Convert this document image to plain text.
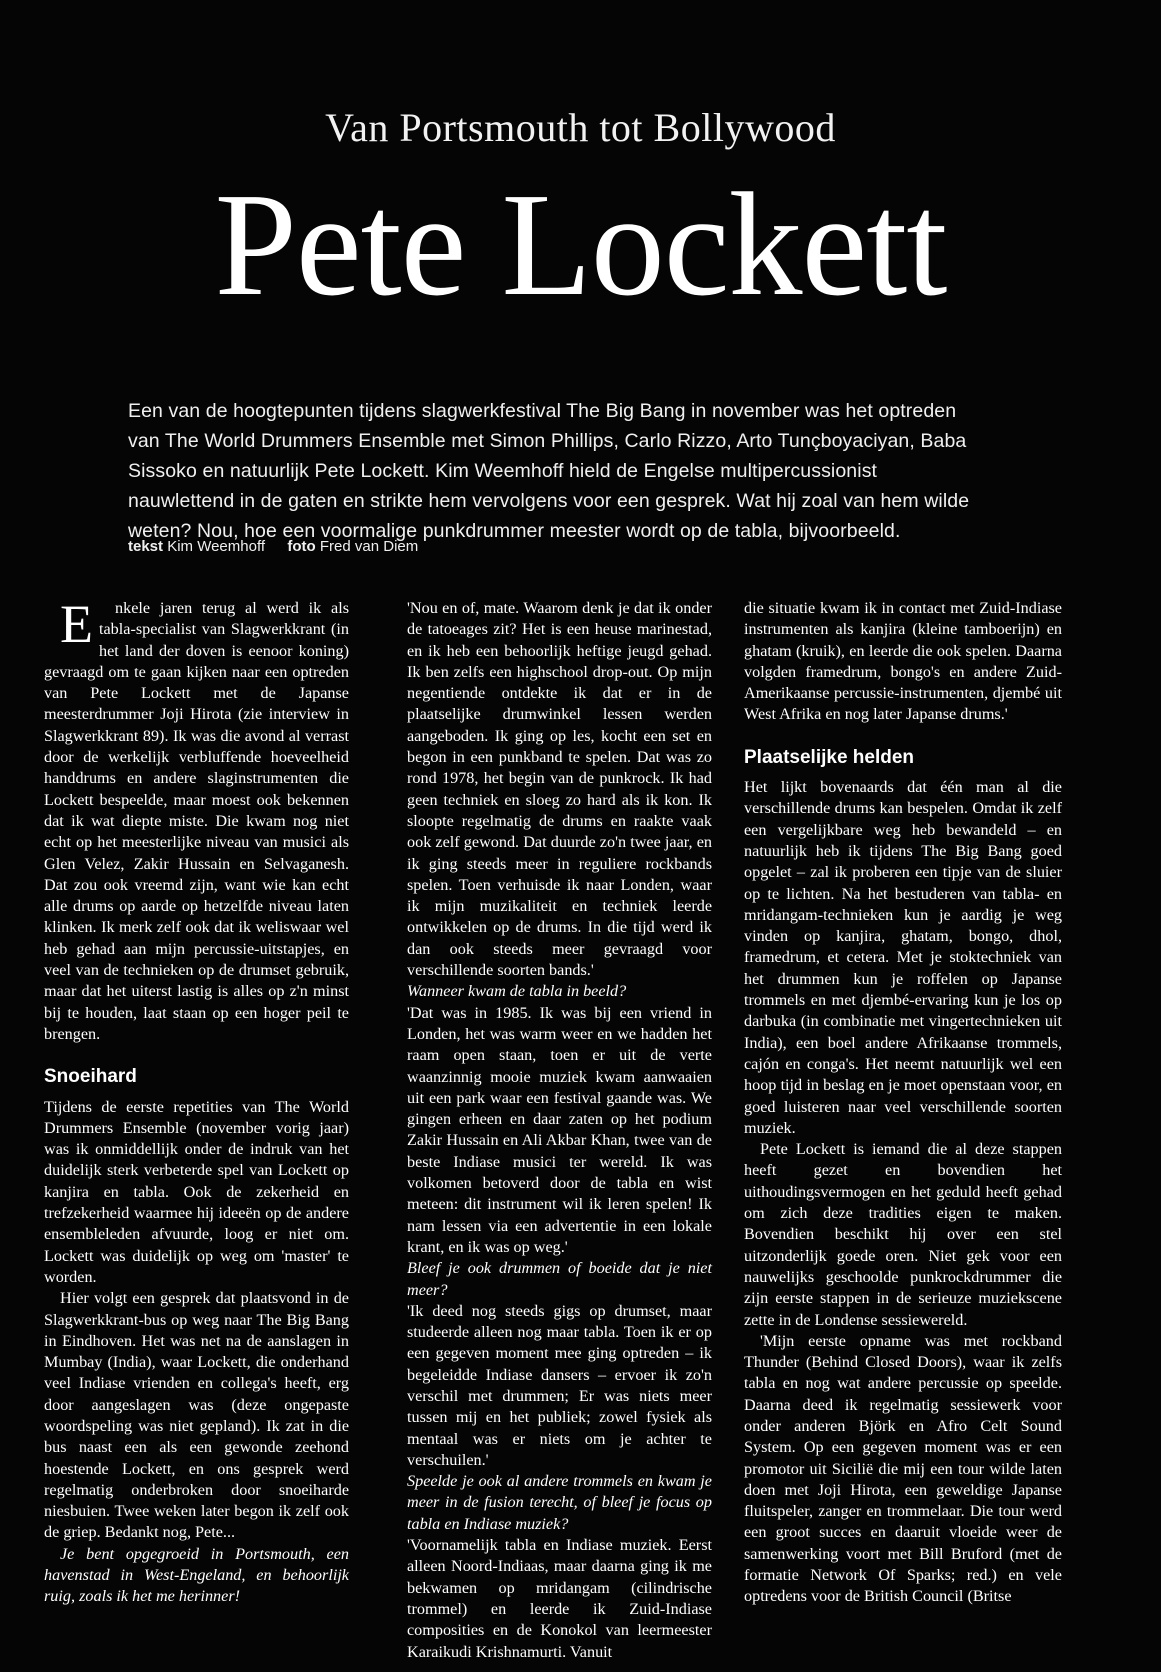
Van Portsmouth tot Bollywood
Pete Lockett
Een van de hoogtepunten tijdens slagwerkfestival The Big Bang in november was het optreden van The World Drummers Ensemble met Simon Phillips, Carlo Rizzo, Arto Tunçboyaciyan, Baba Sissoko en natuurlijk Pete Lockett. Kim Weemhoff hield de Engelse multipercussionist nauwlettend in de gaten en strikte hem vervolgens voor een gesprek. Wat hij zoal van hem wilde weten? Nou, hoe een voormalige punkdrummer meester wordt op de tabla, bijvoorbeeld.
tekst Kim Weemhoff foto Fred van Diem

E	nkele jaren terug al werd ik als tabla-specialist van Slagwerkkrant (in het land der doven is eenoor koning) gevraagd om te gaan kijken naar een optreden van Pete Lockett met de Japanse meesterdrummer Joji Hirota (zie interview in Slagwerkkrant 89). Ik was die avond al verrast door de werkelijk verbluffende hoeveelheid handdrums en andere slaginstrumenten die Lockett bespeelde, maar moest ook bekennen dat ik wat diepte miste. Die kwam nog niet echt op het meesterlijke niveau van musici als Glen Velez, Zakir Hussain en Selvaganesh. Dat zou ook vreemd zijn, want wie kan echt alle drums op aarde op hetzelfde niveau laten klinken. Ik merk zelf ook dat ik weliswaar wel heb gehad aan mijn percussie-uitstapjes, en veel van de technieken op de drumset gebruik, maar dat het uiterst lastig is alles op z'n minst bij te houden, laat staan op een hoger peil te brengen.

Snoeihard

Tijdens de eerste repetities van The World Drummers Ensemble (november vorig jaar) was ik onmiddellijk onder de indruk van het duidelijk sterk verbeterde spel van Lockett op kanjira en tabla. Ook de zekerheid en trefzekerheid waarmee hij ideeën op de andere ensembleleden afvuurde, loog er niet om. Lockett was duidelijk op weg om 'master' te worden.

Hier volgt een gesprek dat plaatsvond in de Slagwerkkrant-bus op weg naar The Big Bang in Eindhoven. Het was net na de aanslagen in Mumbay (India), waar Lockett, die onderhand veel Indiase vrienden en collega's heeft, erg door aangeslagen was (deze ongepaste woordspeling was niet gepland). Ik zat in die bus naast een als een gewonde zeehond hoestende Lockett, en ons gesprek werd regelmatig onderbroken door snoeiharde niesbuien. Twee weken later begon ik zelf ook de griep. Bedankt nog, Pete...

Je bent opgegroeid in Portsmouth, een havenstad in West-Engeland, en behoorlijk ruig, zoals ik het me herinner!

'Nou en of, mate. Waarom denk je dat ik onder de tatoeages zit? Het is een heuse marinestad, en ik heb een behoorlijk heftige jeugd gehad. Ik ben zelfs een highschool drop-out. Op mijn negentiende ontdekte ik dat er in de plaatselijke drumwinkel lessen werden aangeboden. Ik ging op les, kocht een set en begon in een punkband te spelen. Dat was zo rond 1978, het begin van de punkrock. Ik had geen techniek en sloeg zo hard als ik kon. Ik sloopte regelmatig de drums en raakte vaak ook zelf gewond. Dat duurde zo'n twee jaar, en ik ging steeds meer in reguliere rockbands spelen. Toen verhuisde ik naar Londen, waar ik mijn muzikaliteit en techniek leerde ontwikkelen op de drums. In die tijd werd ik dan ook steeds meer gevraagd voor verschillende soorten bands.'

Wanneer kwam de tabla in beeld?

'Dat was in 1985. Ik was bij een vriend in Londen, het was warm weer en we hadden het raam open staan, toen er uit de verte waanzinnig mooie muziek kwam aanwaaien uit een park waar een festival gaande was. We gingen erheen en daar zaten op het podium Zakir Hussain en Ali Akbar Khan, twee van de beste Indiase musici ter wereld. Ik was volkomen betoverd door de tabla en wist meteen: dit instrument wil ik leren spelen! Ik nam lessen via een advertentie in een lokale krant, en ik was op weg.'

Bleef je ook drummen of boeide dat je niet meer?

'Ik deed nog steeds gigs op drumset, maar studeerde alleen nog maar tabla. Toen ik er op een gegeven moment mee ging optreden – ik begeleidde Indiase dansers – ervoer ik zo'n verschil met drummen; Er was niets meer tussen mij en het publiek; zowel fysiek als mentaal was er niets om je achter te verschuilen.'

Speelde je ook al andere trommels en kwam je meer in de fusion terecht, of bleef je focus op tabla en Indiase muziek?

'Voornamelijk tabla en Indiase muziek. Eerst alleen Noord-Indiaas, maar daarna ging ik me bekwamen op mridangam (cilindrische trommel) en leerde ik Zuid-Indiase composities en de Konokol van leermeester Karaikudi Krishnamurti. Vanuit

die situatie kwam ik in contact met Zuid-Indiase instrumenten als kanjira (kleine tamboerijn) en ghatam (kruik), en leerde die ook spelen. Daarna volgden framedrum, bongo's en andere Zuid-Amerikaanse percussie-instrumenten, djembé uit West Afrika en nog later Japanse drums.'

Plaatselijke helden

Het lijkt bovenaards dat één man al die verschillende drums kan bespelen. Omdat ik zelf een vergelijkbare weg heb bewandeld – en natuurlijk heb ik tijdens The Big Bang goed opgelet – zal ik proberen een tipje van de sluier op te lichten. Na het bestuderen van tabla- en mridangam-technieken kun je aardig je weg vinden op kanjira, ghatam, bongo, dhol, framedrum, et cetera. Met je stoktechniek van het drummen kun je roffelen op Japanse trommels en met djembé-ervaring kun je los op darbuka (in combinatie met vingertechnieken uit India), een boel andere Afrikaanse trommels, cajón en conga's. Het neemt natuurlijk wel een hoop tijd in beslag en je moet openstaan voor, en goed luisteren naar veel verschillende soorten muziek.

Pete Lockett is iemand die al deze stappen heeft gezet en bovendien het uithoudingsvermogen en het geduld heeft gehad om zich deze tradities eigen te maken. Bovendien beschikt hij over een stel uitzonderlijk goede oren. Niet gek voor een nauwelijks geschoolde punkrockdrummer die zijn eerste stappen in de serieuze muziekscene zette in de Londense sessiewereld.

'Mijn eerste opname was met rockband Thunder (Behind Closed Doors), waar ik zelfs tabla en nog wat andere percussie op speelde. Daarna deed ik regelmatig sessiewerk voor onder anderen Björk en Afro Celt Sound System. Op een gegeven moment was er een promotor uit Sicilië die mij een tour wilde laten doen met Joji Hirota, een geweldige Japanse fluitspeler, zanger en trommelaar. Die tour werd een groot succes en daaruit vloeide weer de samenwerking voort met Bill Bruford (met de formatie Network Of Sparks; red.) en vele optredens voor de British Council (Britse
